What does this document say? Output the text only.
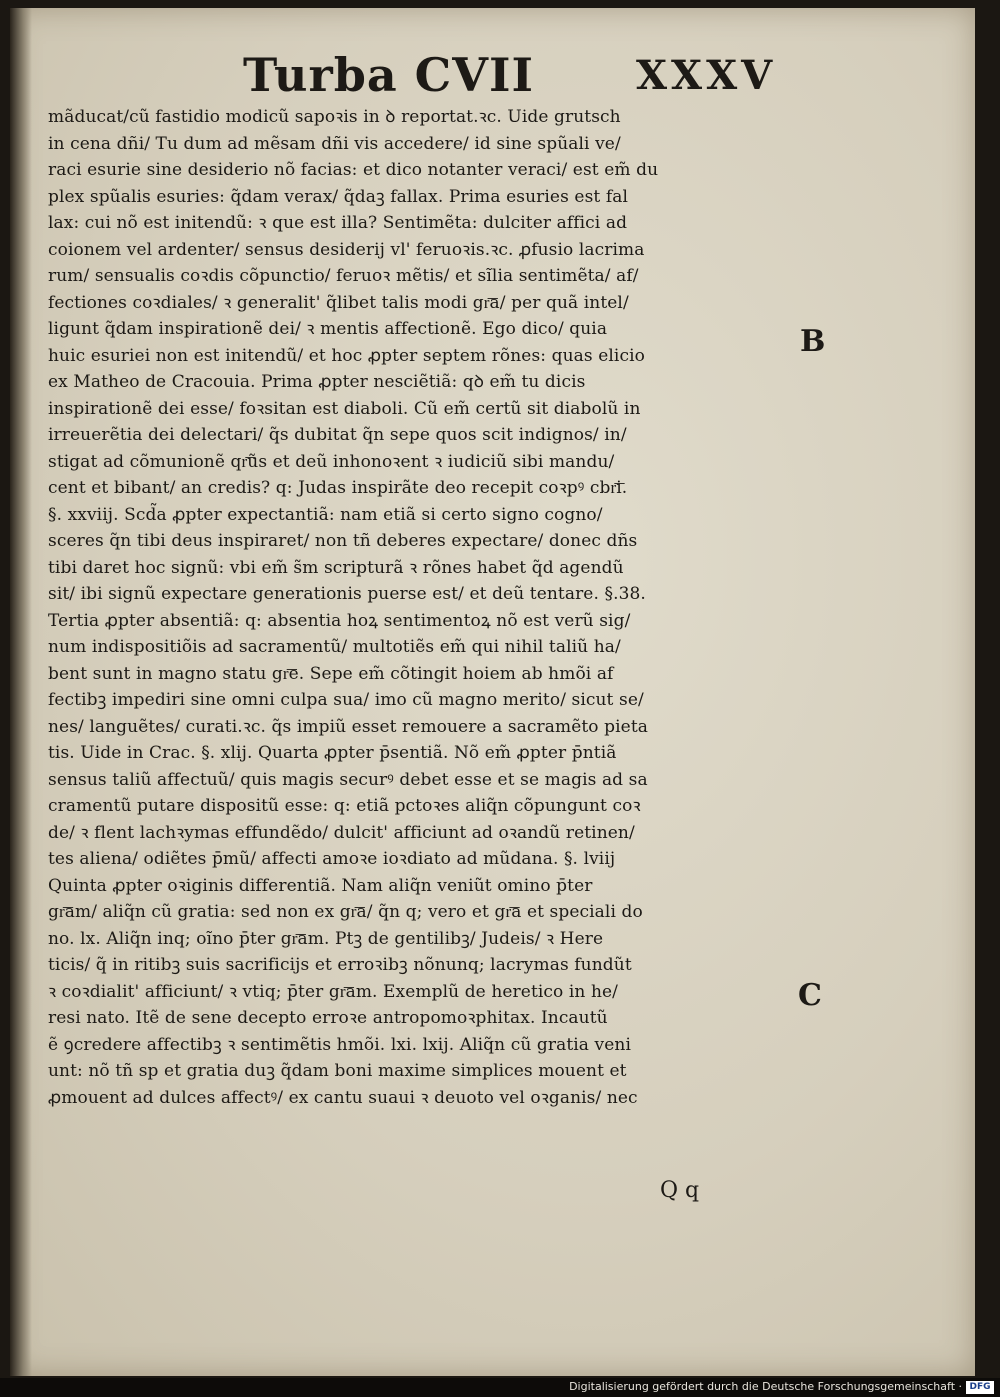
Turba CVII	XXXV
mãducat/cũ fastidio modicũ sapoꝛis in ꝺ reportat.ꝛc. Uide grutsch
in cena dñi/ Tu dum ad mẽsam dñi vis accedere/ id sine spũali ve/
raci esurie sine desiderio nõ facias: et dico notanter veraci/ est em̃ du
plex spũalis esuries: q̃dam verax/ q̃daꝫ fallax. Prima esuries est fal
lax: cui nõ est initendũ: ꝛ que est illa? Sentimẽta: dulciter affici ad
coionem vel ardenter/ sensus desiderij vl' feruoꝛis.ꝛc. ꝓfusio lacrima
rum/ sensualis coꝛdis cõpunctio/ feruoꝛ mẽtis/ et sĩlia sentimẽta/ af/
fectiones coꝛdiales/ ꝛ generalit' q̃libet talis modi gr͞a/ per quã intel/
ligunt q̃dam inspirationẽ dei/ ꝛ mentis affectionẽ. Ego dico/ quia
huic esuriei non est initendũ/ et hoc ꝓpter septem rõnes: quas elicio
ex Matheo de Cracouia. Prima ꝓpter nesciẽtiã: qꝺ em̃ tu dicis
inspirationẽ dei esse/ foꝛsitan est diaboli. Cũ em̃ certũ sit diabolũ in
irreuerẽtia dei delectari/ q̃s dubitat q̃n sepe quos scit indignos/ in/
stigat ad cõmunionẽ qr͞ũs et deũ inhonoꝛent ꝛ iudiciũ sibi mandu/
cent et bibant/ an credis? q: Judas inspirãte deo recepit coꝛpꝰ cbr͞i.
§. xxviij. Scd̃a ꝓpter expectantiã: nam etiã si certo signo cogno/
sceres q̃n tibi deus inspiraret/ non tñ deberes expectare/ donec dñs
tibi daret hoc signũ: vbi em̃ s̃m scripturã ꝛ rõnes habet q̃d agendũ
sit/ ibi signũ expectare generationis puerse est/ et deũ tentare. §.38.
Tertia ꝓpter absentiã: q: absentia hoꝝ sentimentoꝝ nõ est verũ sig/
num indispositiõis ad sacramentũ/ multotiẽs em̃ qui nihil taliũ ha/
bent sunt in magno statu gr͞e. Sepe em̃ cõtingit hoiem ab hmõi af
fectibꝫ impediri sine omni culpa sua/ imo cũ magno merito/ sicut se/
nes/ languẽtes/ curati.ꝛc. q̃s impiũ esset remouere a sacramẽto pieta
tis. Uide in Crac. §. xlij. Quarta ꝓpter p̄sentiã. Nõ em̃ ꝓpter p̄ntiã
sensus taliũ affectuũ/ quis magis securꝰ debet esse et se magis ad sa
cramentũ putare dispositũ esse: q: etiã pctoꝛes aliq̃n cõpungunt coꝛ
de/ ꝛ flent lachꝛymas effundẽdo/ dulcit' afficiunt ad oꝛandũ retinen/
tes aliena/ odiẽtes p̄mũ/ affecti amoꝛe ioꝛdiato ad mũdana. §. lviij
Quinta ꝓpter oꝛiginis differentiã. Nam aliq̃n veniũt omino p̄ter
gr͞am/ aliq̃n cũ gratia: sed non ex gr͞a/ q̃n q; vero et gr͞a et speciali do
no. lx. Aliq̃n inq; oĩno p̄ter gr͞am. Ptꝫ de gentilibꝫ/ Judeis/ ꝛ Here
ticis/ q̃ in ritibꝫ suis sacrificijs et erroꝛibꝫ nõnunq; lacrymas fundũt
ꝛ coꝛdialit' afficiunt/ ꝛ vtiq; p̄ter gr͞am. Exemplũ de heretico in he/
resi nato. Itẽ de sene decepto erroꝛe antropomoꝛphitax. Incautũ
ẽ ꝯcredere affectibꝫ ꝛ sentimẽtis hmõi. lxi. lxij. Aliq̃n cũ gratia veni
unt: nõ tñ sp et gratia duꝫ q̃dam boni maxime simplices mouent et
ꝓmouent ad dulces affectꝰ/ ex cantu suaui ꝛ deuoto vel oꝛganis/ nec
B
C
Q q
Digitalisierung gefördert durch die Deutsche Forschungsgemeinschaft · DFG
